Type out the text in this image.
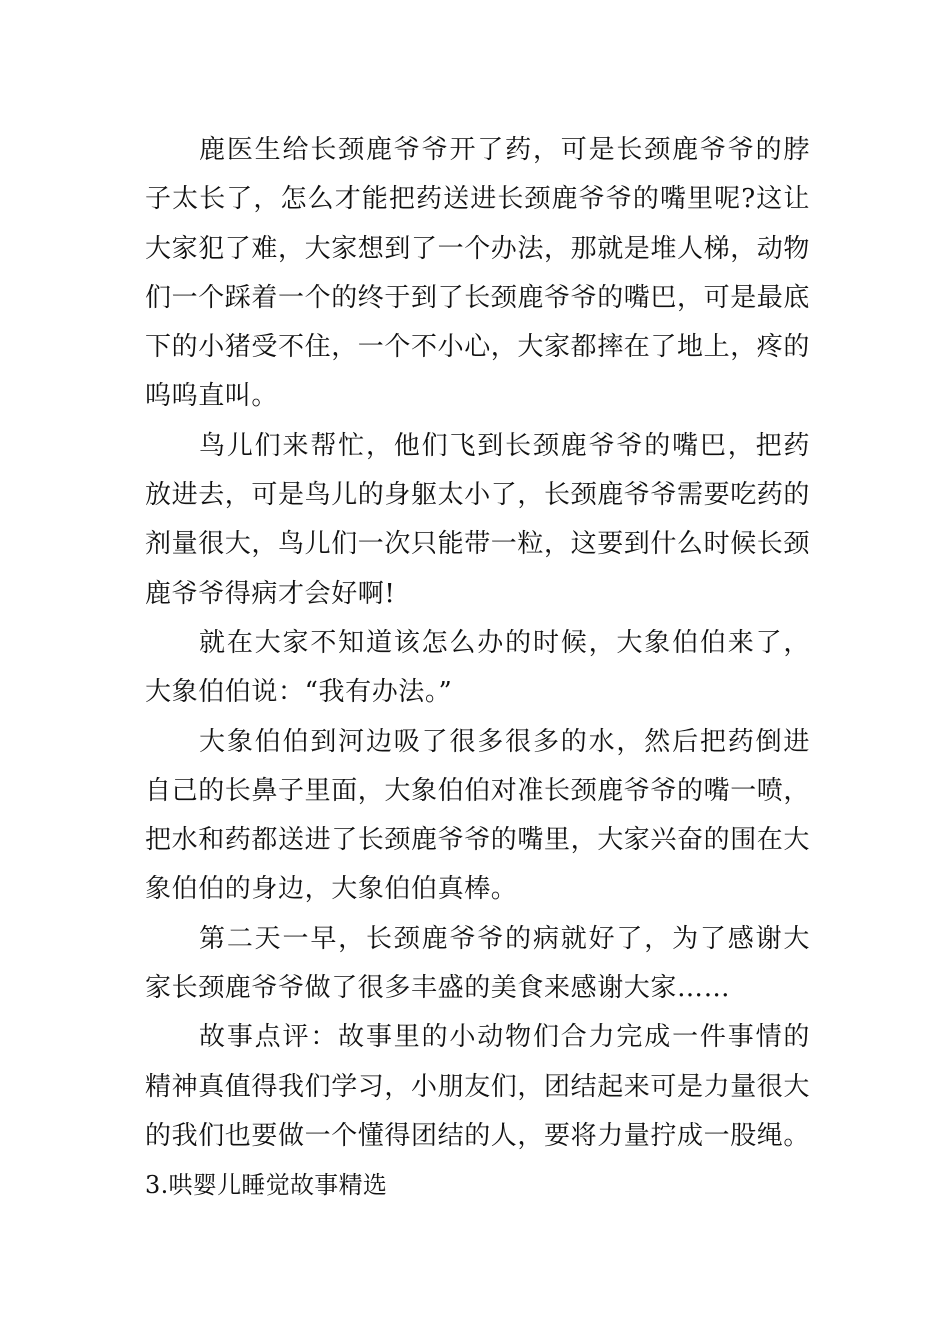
鹿医生给长颈鹿爷爷开了药，可是长颈鹿爷爷的脖子太长了，怎么才能把药送进长颈鹿爷爷的嘴里呢?这让大家犯了难，大家想到了一个办法，那就是堆人梯，动物们一个踩着一个的终于到了长颈鹿爷爷的嘴巴，可是最底下的小猪受不住，一个不小心，大家都摔在了地上，疼的呜呜直叫。

鸟儿们来帮忙，他们飞到长颈鹿爷爷的嘴巴，把药放进去，可是鸟儿的身躯太小了，长颈鹿爷爷需要吃药的剂量很大，鸟儿们一次只能带一粒，这要到什么时候长颈鹿爷爷得病才会好啊!

就在大家不知道该怎么办的时候，大象伯伯来了，大象伯伯说：“我有办法。”

大象伯伯到河边吸了很多很多的水，然后把药倒进自己的长鼻子里面，大象伯伯对准长颈鹿爷爷的嘴一喷，把水和药都送进了长颈鹿爷爷的嘴里，大家兴奋的围在大象伯伯的身边，大象伯伯真棒。

第二天一早，长颈鹿爷爷的病就好了，为了感谢大家长颈鹿爷爷做了很多丰盛的美食来感谢大家……

故事点评：故事里的小动物们合力完成一件事情的精神真值得我们学习，小朋友们，团结起来可是力量很大的我们也要做一个懂得团结的人，要将力量拧成一股绳。

3.哄婴儿睡觉故事精选
